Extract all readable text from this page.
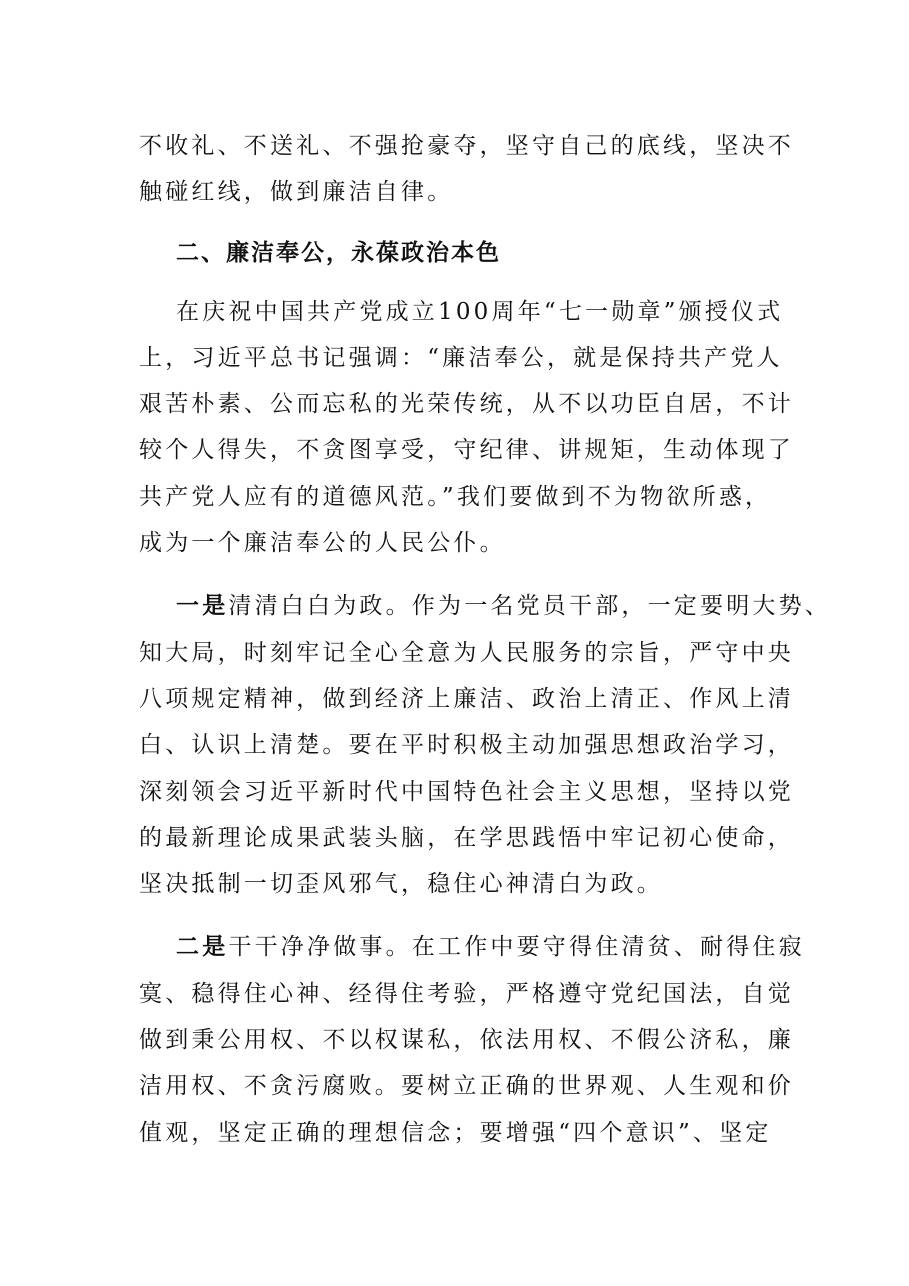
不收礼、不送礼、不强抢豪夺，坚守自己的底线，坚决不
触碰红线，做到廉洁自律。
二、廉洁奉公，永葆政治本色
在庆祝中国共产党成立100周年“七一勋章”颁授仪式
上，习近平总书记强调：“廉洁奉公，就是保持共产党人
艰苦朴素、公而忘私的光荣传统，从不以功臣自居，不计
较个人得失，不贪图享受，守纪律、讲规矩，生动体现了
共产党人应有的道德风范。”我们要做到不为物欲所惑，
成为一个廉洁奉公的人民公仆。
一是清清白白为政。作为一名党员干部，一定要明大势、
知大局，时刻牢记全心全意为人民服务的宗旨，严守中央
八项规定精神，做到经济上廉洁、政治上清正、作风上清
白、认识上清楚。要在平时积极主动加强思想政治学习，
深刻领会习近平新时代中国特色社会主义思想，坚持以党
的最新理论成果武装头脑，在学思践悟中牢记初心使命，
坚决抵制一切歪风邪气，稳住心神清白为政。
二是干干净净做事。在工作中要守得住清贫、耐得住寂
寞、稳得住心神、经得住考验，严格遵守党纪国法，自觉
做到秉公用权、不以权谋私，依法用权、不假公济私，廉
洁用权、不贪污腐败。要树立正确的世界观、人生观和价
值观，坚定正确的理想信念；要增强“四个意识”、坚定
